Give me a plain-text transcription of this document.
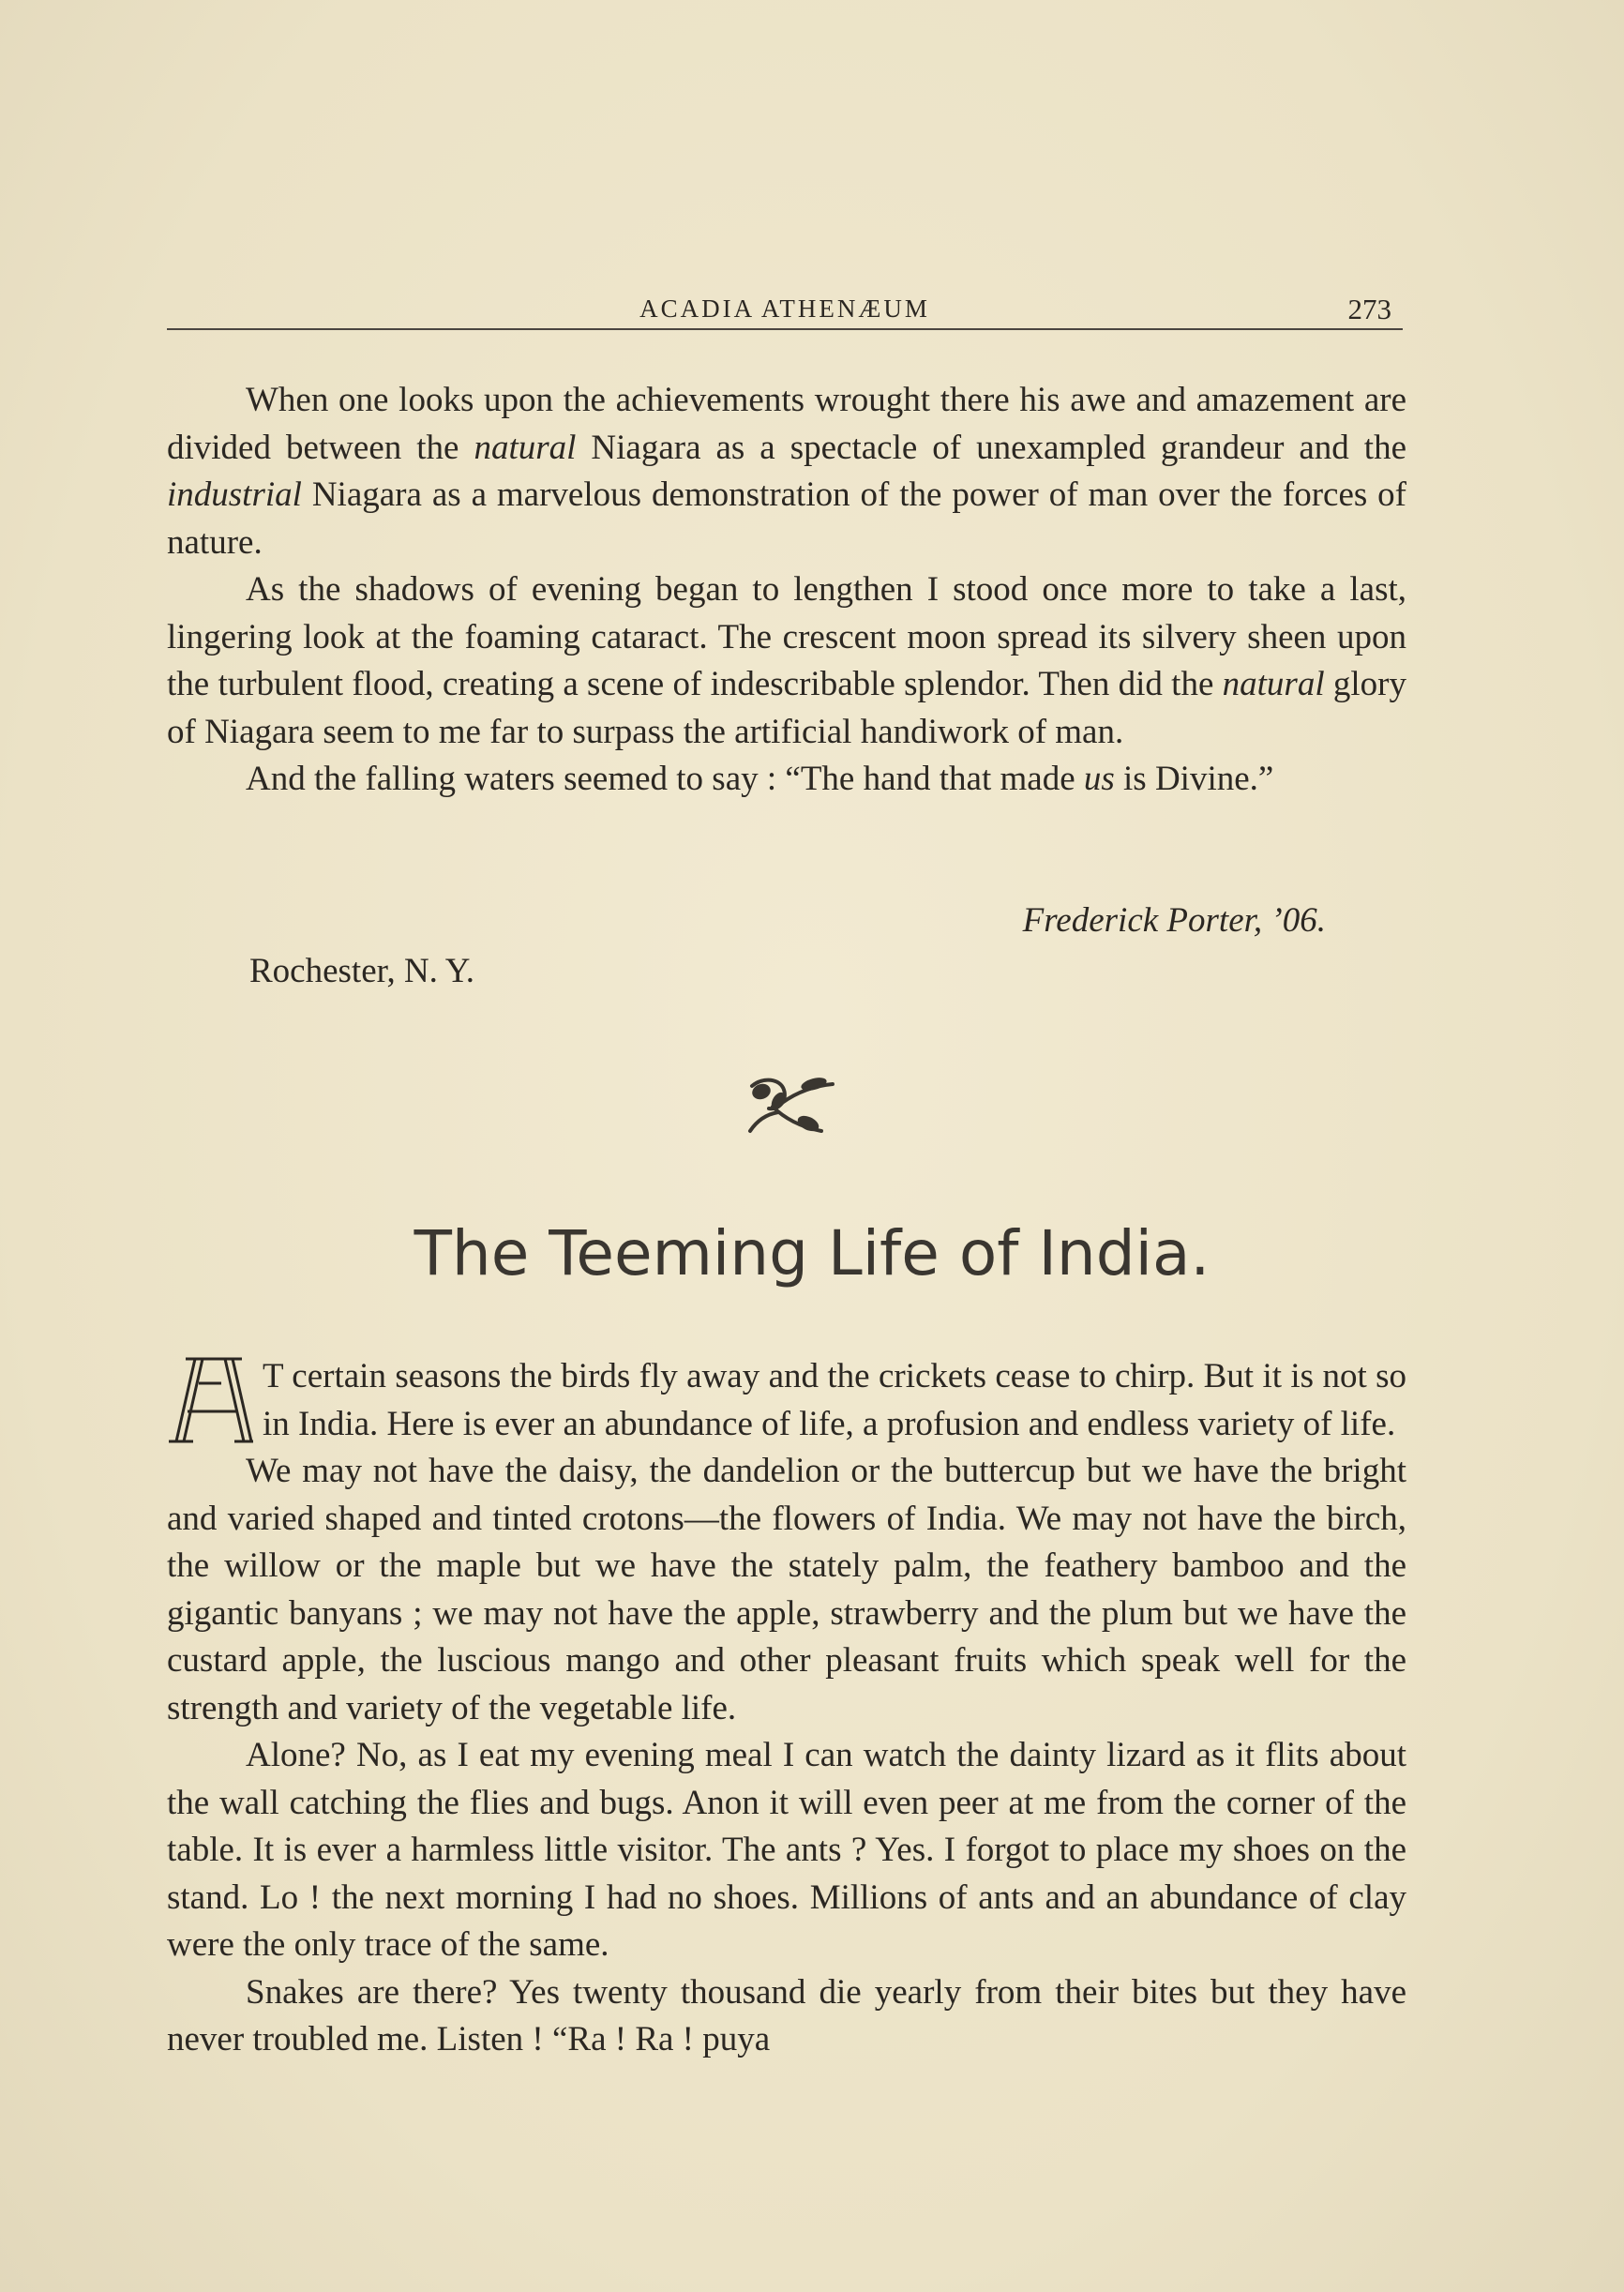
ACADIA ATHENÆUM	273

When one looks upon the achievements wrought there his awe and amazement are divided between the natural Niagara as a spectacle of unexampled grandeur and the industrial Niagara as a marvelous demonstration of the power of man over the forces of nature.

As the shadows of evening began to lengthen I stood once more to take a last, lingering look at the foaming cataract. The crescent moon spread its silvery sheen upon the turbulent flood, creating a scene of indescribable splendor. Then did the natural glory of Niagara seem to me far to surpass the artificial handiwork of man.

And the falling waters seemed to say : “The hand that made us is Divine.”

Frederick Porter, ’06.
Rochester, N. Y.
The Teeming Life of India.

T certain seasons the birds fly away and the crickets cease to chirp. But it is not so in India. Here is ever an abundance of life, a profusion and endless variety of life.

We may not have the daisy, the dandelion or the buttercup but we have the bright and varied shaped and tinted crotons—the flowers of India. We may not have the birch, the willow or the maple but we have the stately palm, the feathery bamboo and the gigantic banyans ; we may not have the apple, strawberry and the plum but we have the custard apple, the luscious mango and other pleasant fruits which speak well for the strength and variety of the vegetable life.

Alone? No, as I eat my evening meal I can watch the dainty lizard as it flits about the wall catching the flies and bugs. Anon it will even peer at me from the corner of the table. It is ever a harmless little visitor. The ants ? Yes. I forgot to place my shoes on the stand. Lo ! the next morning I had no shoes. Millions of ants and an abundance of clay were the only trace of the same.

Snakes are there? Yes twenty thousand die yearly from their bites but they have never troubled me. Listen ! “Ra ! Ra ! puya
